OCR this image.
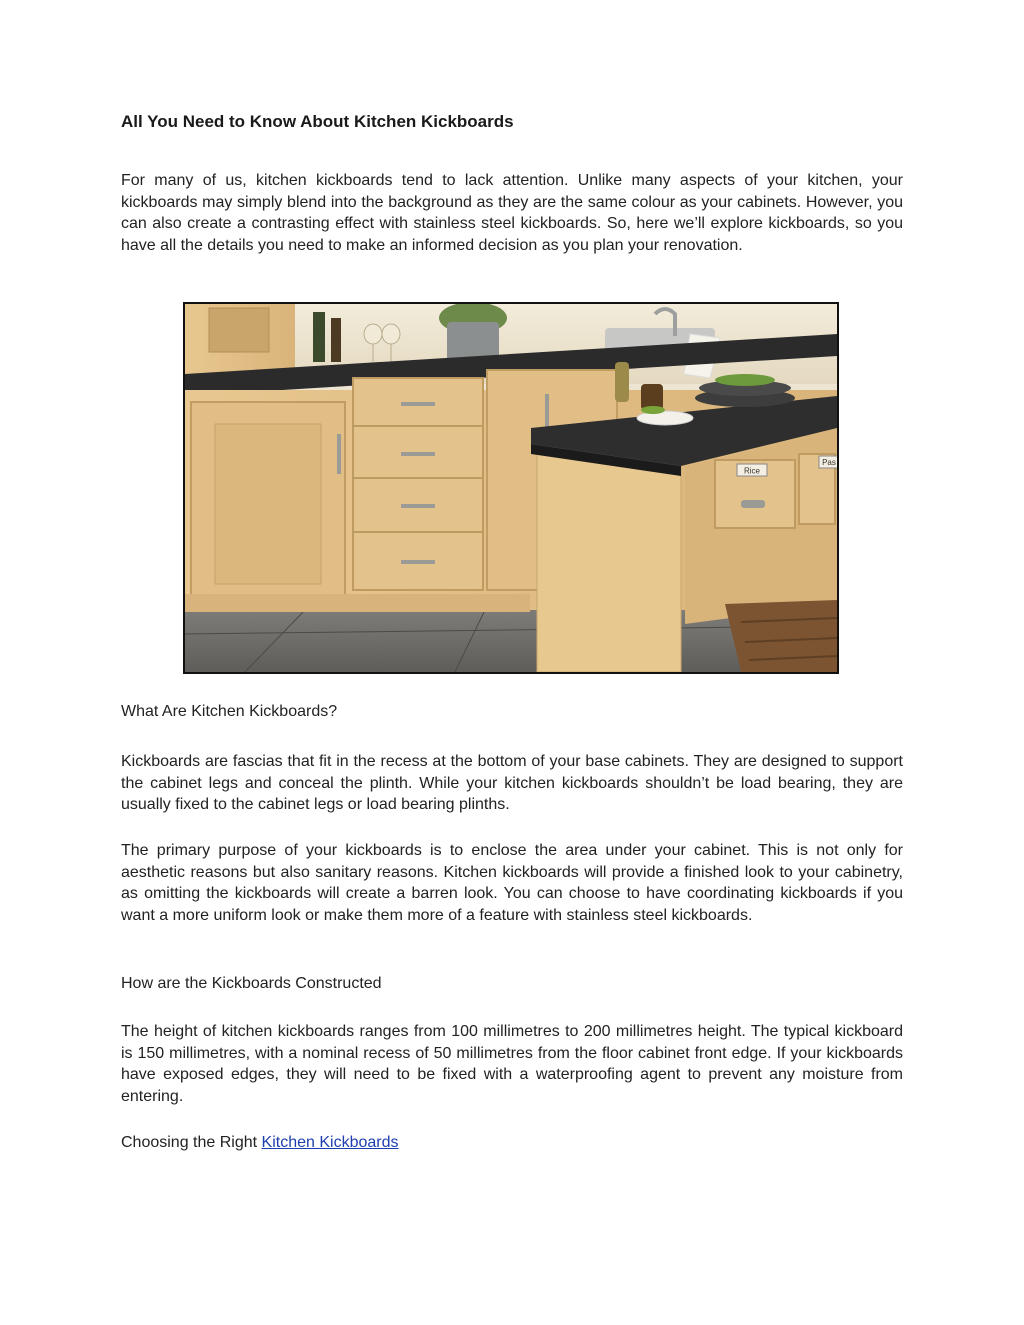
All You Need to Know About Kitchen Kickboards

For many of us, kitchen kickboards tend to lack attention. Unlike many aspects of your kitchen, your kickboards may simply blend into the background as they are the same colour as your cabinets. However, you can also create a contrasting effect with stainless steel kickboards. So, here we’ll explore kickboards, so you have all the details you need to make an informed decision as you plan your renovation.

Rice
Pas
What Are Kitchen Kickboards?

Kickboards are fascias that fit in the recess at the bottom of your base cabinets. They are designed to support the cabinet legs and conceal the plinth. While your kitchen kickboards shouldn’t be load bearing, they are usually fixed to the cabinet legs or load bearing plinths.

The primary purpose of your kickboards is to enclose the area under your cabinet. This is not only for aesthetic reasons but also sanitary reasons. Kitchen kickboards will provide a finished look to your cabinetry, as omitting the kickboards will create a barren look. You can choose to have coordinating kickboards if you want a more uniform look or make them more of a feature with stainless steel kickboards.

How are the Kickboards Constructed

The height of kitchen kickboards ranges from 100 millimetres to 200 millimetres height. The typical kickboard is 150 millimetres, with a nominal recess of 50 millimetres from the floor cabinet front edge. If your kickboards have exposed edges, they will need to be fixed with a waterproofing agent to prevent any moisture from entering.

Choosing the Right Kitchen Kickboards
